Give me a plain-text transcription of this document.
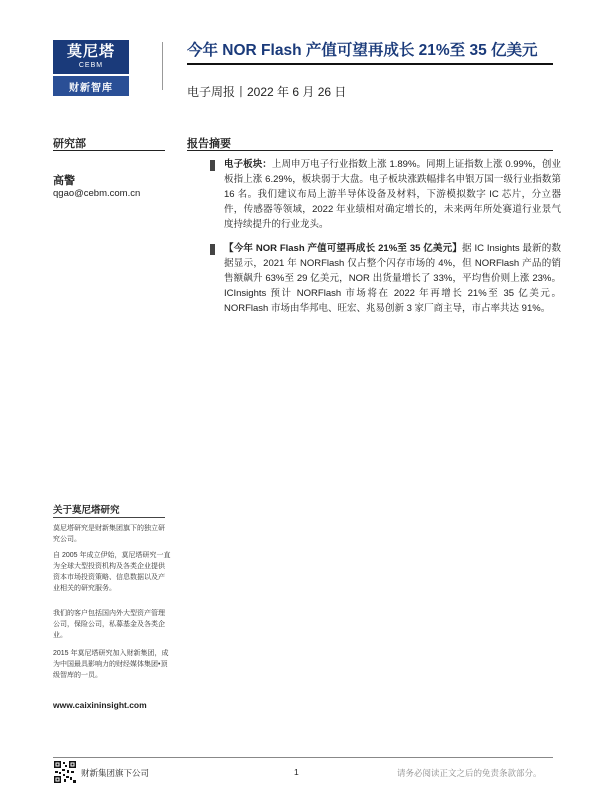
莫尼塔
CEBM
财新智库
今年 NOR Flash 产值可望再成长 21%至 35 亿美元
电子周报丨2022 年 6 月 26 日
研究部	报告摘要
高警
qgao@cebm.com.cn
电子板块：上周申万电子行业指数上涨 1.89%。同期上证指数上涨 0.99%，创业板指上涨 6.29%，板块弱于大盘。电子板块涨跌幅排名申银万国一级行业指数第 16 名。我们建议布局上游半导体设备及材料，下游模拟数字 IC 芯片，分立器件，传感器等领域，2022 年业绩相对确定增长的，未来两年所处赛道行业景气度持续提升的行业龙头。
【今年 NOR Flash 产值可望再成长 21%至 35 亿美元】据 IC Insights 最新的数据显示，2021 年 NORFlash 仅占整个闪存市场的 4%，但 NORFlash 产品的销售额飙升 63%至 29 亿美元，NOR 出货量增长了 33%，平均售价则上涨 23%。ICInsights 预计 NORFlash 市场将在 2022 年再增长 21%至 35 亿美元。NORFlash 市场由华邦电、旺宏、兆易创新 3 家厂商主导，市占率共达 91%。
关于莫尼塔研究
莫尼塔研究是财新集团旗下的独立研究公司。
自 2005 年成立伊始，莫尼塔研究一直为全球大型投资机构及各类企业提供资本市场投资策略、信息数据以及产业相关的研究服务。
我们的客户包括国内外大型资产管理公司，保险公司，私募基金及各类企业。
2015 年莫尼塔研究加入财新集团，成为中国最具影响力的财经媒体集团•顶级智库的一员。
www.caixininsight.com
财新集团旗下公司	1	请务必阅读正文之后的免责条款部分。
